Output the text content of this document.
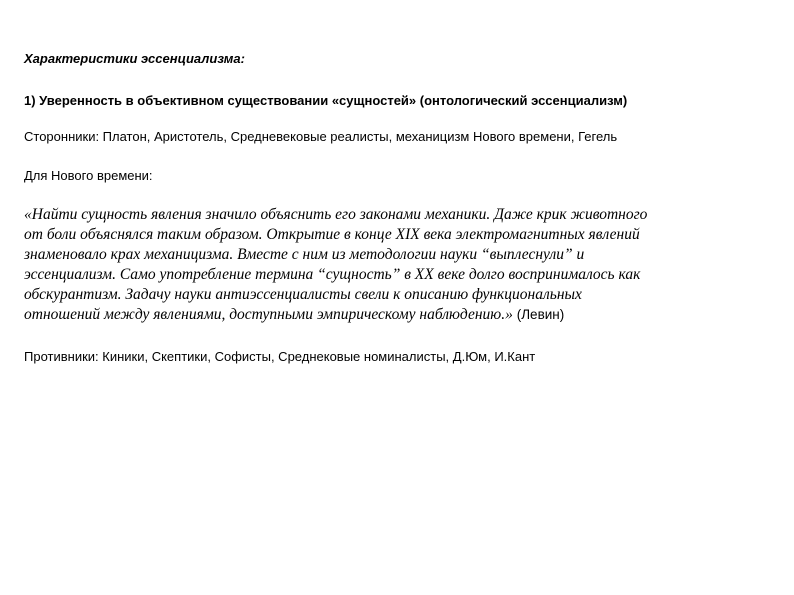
Характеристики эссенциализма:
1) Уверенность в объективном существовании «сущностей» (онтологический эссенциализм)
Сторонники: Платон, Аристотель, Средневековые реалисты, механицизм Нового времени, Гегель
Для Нового времени:
«Найти сущность явления значило объяснить его законами механики. Даже крик животного
от боли объяснялся таким образом. Открытие в конце XIX века электромагнитных явлений
знаменовало крах механицизма. Вместе с ним из методологии науки “выплеснули” и
эссенциализм. Само употребление термина “сущность” в XX веке долго воспринималось как
обскурантизм. Задачу науки антиэссенциалисты свели к описанию функциональных
отношений между явлениями, доступными эмпирическому наблюдению.» (Левин)
Противники: Киники, Скептики, Софисты, Среднековые номиналисты, Д.Юм, И.Кант
